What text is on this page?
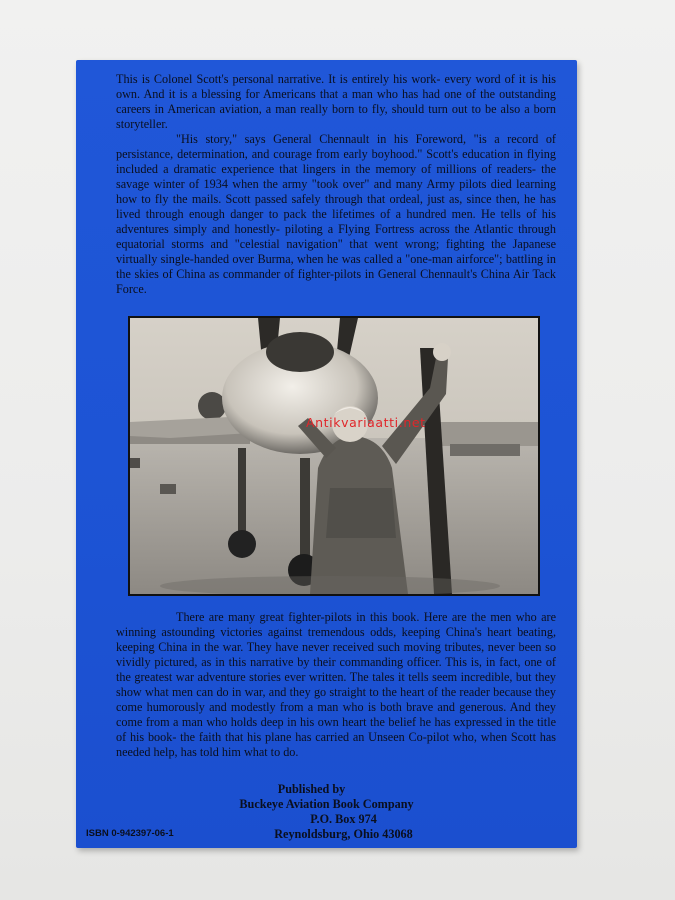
This is Colonel Scott's personal narrative. It is entirely his work- every word of it is his own. And it is a blessing for Americans that a man who has had one of the outstanding careers in American aviation, a man really born to fly, should turn out to be also a born storyteller.
"His story," says General Chennault in his Foreword, "is a record of persistance, determination, and courage from early boyhood." Scott's education in flying included a dramatic experience that lingers in the memory of millions of readers- the savage winter of 1934 when the army "took over" and many Army pilots died learning how to fly the mails. Scott passed safely through that ordeal, just as, since then, he has lived through enough danger to pack the lifetimes of a hundred men. He tells of his adventures simply and honestly- piloting a Flying Fortress across the Atlantic through equatorial storms and "celestial navigation" that went wrong; fighting the Japanese virtually single-handed over Burma, when he was called a "one-man airforce"; battling in the skies of China as commander of fighter-pilots in General Chennault's China Air Tack Force.
Antikvariaatti.net
There are many great fighter-pilots in this book. Here are the men who are winning astounding victories against tremendous odds, keeping China's heart beating, keeping China in the war. They have never received such moving tributes, never been so vividly pictured, as in this narrative by their commanding officer. This is, in fact, one of the greatest war adventure stories ever written. The tales it tells seem incredible, but they show what men can do in war, and they go straight to the heart of the reader because they come humorously and modestly from a man who is both brave and generous. And they come from a man who holds deep in his own heart the belief he has expressed in the title of his book- the faith that his plane has carried an Unseen Co-pilot who, when Scott has needed help, has told him what to do.
Published by
Buckeye Aviation Book Company
P.O. Box 974
Reynoldsburg, Ohio 43068
ISBN 0-942397-06-1
